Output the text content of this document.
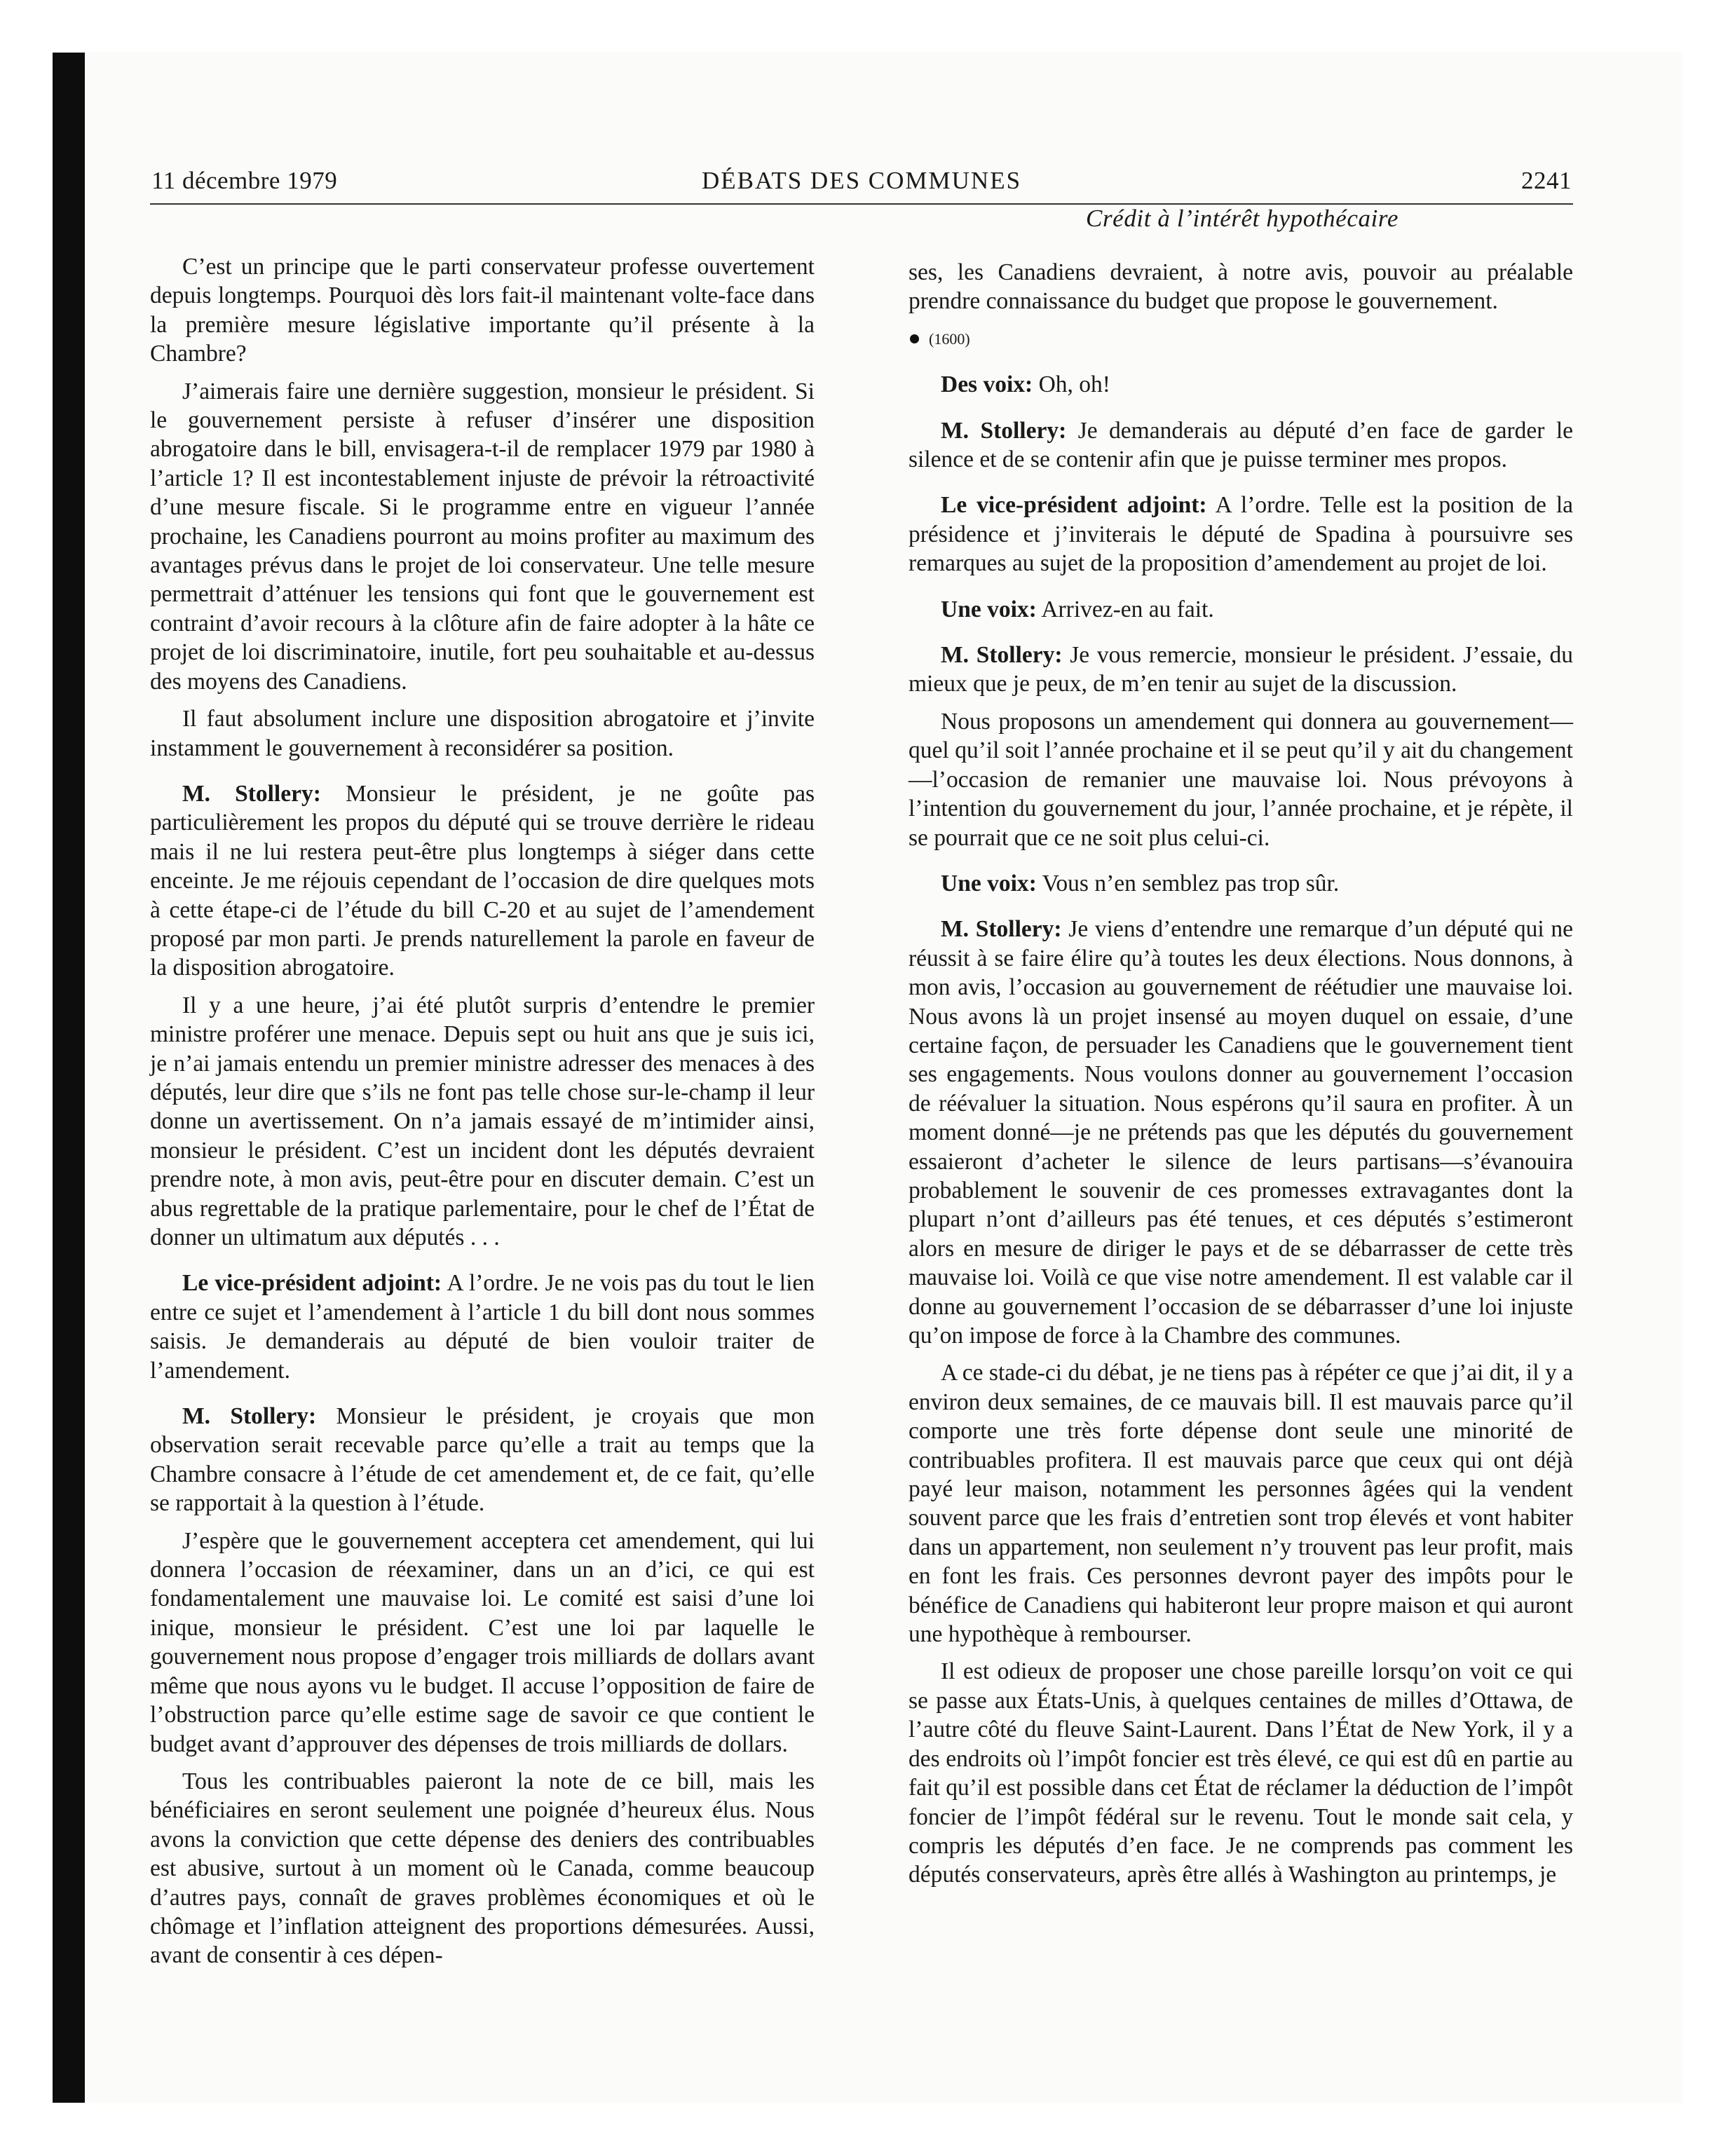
11 décembre 1979	DÉBATS DES COMMUNES	2241
Crédit à l’intérêt hypothécaire

C’est un principe que le parti conservateur professe ouvertement depuis longtemps. Pourquoi dès lors fait-il maintenant volte-face dans la première mesure législative importante qu’il présente à la Chambre?

J’aimerais faire une dernière suggestion, monsieur le président. Si le gouvernement persiste à refuser d’insérer une disposition abrogatoire dans le bill, envisagera-t-il de remplacer 1979 par 1980 à l’article 1? Il est incontestablement injuste de prévoir la rétroactivité d’une mesure fiscale. Si le programme entre en vigueur l’année prochaine, les Canadiens pourront au moins profiter au maximum des avantages prévus dans le projet de loi conservateur. Une telle mesure permettrait d’atténuer les tensions qui font que le gouvernement est contraint d’avoir recours à la clôture afin de faire adopter à la hâte ce projet de loi discriminatoire, inutile, fort peu souhaitable et au-dessus des moyens des Canadiens.

Il faut absolument inclure une disposition abrogatoire et j’invite instamment le gouvernement à reconsidérer sa position.

M. Stollery: Monsieur le président, je ne goûte pas particulièrement les propos du député qui se trouve derrière le rideau mais il ne lui restera peut-être plus longtemps à siéger dans cette enceinte. Je me réjouis cependant de l’occasion de dire quelques mots à cette étape-ci de l’étude du bill C-20 et au sujet de l’amendement proposé par mon parti. Je prends naturellement la parole en faveur de la disposition abrogatoire.

Il y a une heure, j’ai été plutôt surpris d’entendre le premier ministre proférer une menace. Depuis sept ou huit ans que je suis ici, je n’ai jamais entendu un premier ministre adresser des menaces à des députés, leur dire que s’ils ne font pas telle chose sur-le-champ il leur donne un avertissement. On n’a jamais essayé de m’intimider ainsi, monsieur le président. C’est un incident dont les députés devraient prendre note, à mon avis, peut-être pour en discuter demain. C’est un abus regrettable de la pratique parlementaire, pour le chef de l’État de donner un ultimatum aux députés . . .

Le vice-président adjoint: A l’ordre. Je ne vois pas du tout le lien entre ce sujet et l’amendement à l’article 1 du bill dont nous sommes saisis. Je demanderais au député de bien vouloir traiter de l’amendement.

M. Stollery: Monsieur le président, je croyais que mon observation serait recevable parce qu’elle a trait au temps que la Chambre consacre à l’étude de cet amendement et, de ce fait, qu’elle se rapportait à la question à l’étude.

J’espère que le gouvernement acceptera cet amendement, qui lui donnera l’occasion de réexaminer, dans un an d’ici, ce qui est fondamentalement une mauvaise loi. Le comité est saisi d’une loi inique, monsieur le président. C’est une loi par laquelle le gouvernement nous propose d’engager trois milliards de dollars avant même que nous ayons vu le budget. Il accuse l’opposition de faire de l’obstruction parce qu’elle estime sage de savoir ce que contient le budget avant d’approuver des dépenses de trois milliards de dollars.

Tous les contribuables paieront la note de ce bill, mais les bénéficiaires en seront seulement une poignée d’heureux élus. Nous avons la conviction que cette dépense des deniers des contribuables est abusive, surtout à un moment où le Canada, comme beaucoup d’autres pays, connaît de graves problèmes économiques et où le chômage et l’inflation atteignent des proportions démesurées. Aussi, avant de consentir à ces dépen-

ses, les Canadiens devraient, à notre avis, pouvoir au préalable prendre connaissance du budget que propose le gouvernement.

(1600)

Des voix: Oh, oh!

M. Stollery: Je demanderais au député d’en face de garder le silence et de se contenir afin que je puisse terminer mes propos.

Le vice-président adjoint: A l’ordre. Telle est la position de la présidence et j’inviterais le député de Spadina à poursuivre ses remarques au sujet de la proposition d’amendement au projet de loi.

Une voix: Arrivez-en au fait.

M. Stollery: Je vous remercie, monsieur le président. J’essaie, du mieux que je peux, de m’en tenir au sujet de la discussion.

Nous proposons un amendement qui donnera au gouvernement—quel qu’il soit l’année prochaine et il se peut qu’il y ait du changement—l’occasion de remanier une mauvaise loi. Nous prévoyons à l’intention du gouvernement du jour, l’année prochaine, et je répète, il se pourrait que ce ne soit plus celui-ci.

Une voix: Vous n’en semblez pas trop sûr.

M. Stollery: Je viens d’entendre une remarque d’un député qui ne réussit à se faire élire qu’à toutes les deux élections. Nous donnons, à mon avis, l’occasion au gouvernement de réétudier une mauvaise loi. Nous avons là un projet insensé au moyen duquel on essaie, d’une certaine façon, de persuader les Canadiens que le gouvernement tient ses engagements. Nous voulons donner au gouvernement l’occasion de réévaluer la situation. Nous espérons qu’il saura en profiter. À un moment donné—je ne prétends pas que les députés du gouvernement essaieront d’acheter le silence de leurs partisans—s’évanouira probablement le souvenir de ces promesses extravagantes dont la plupart n’ont d’ailleurs pas été tenues, et ces députés s’estimeront alors en mesure de diriger le pays et de se débarrasser de cette très mauvaise loi. Voilà ce que vise notre amendement. Il est valable car il donne au gouvernement l’occasion de se débarrasser d’une loi injuste qu’on impose de force à la Chambre des communes.

A ce stade-ci du débat, je ne tiens pas à répéter ce que j’ai dit, il y a environ deux semaines, de ce mauvais bill. Il est mauvais parce qu’il comporte une très forte dépense dont seule une minorité de contribuables profitera. Il est mauvais parce que ceux qui ont déjà payé leur maison, notamment les personnes âgées qui la vendent souvent parce que les frais d’entretien sont trop élevés et vont habiter dans un appartement, non seulement n’y trouvent pas leur profit, mais en font les frais. Ces personnes devront payer des impôts pour le bénéfice de Canadiens qui habiteront leur propre maison et qui auront une hypothèque à rembourser.

Il est odieux de proposer une chose pareille lorsqu’on voit ce qui se passe aux États-Unis, à quelques centaines de milles d’Ottawa, de l’autre côté du fleuve Saint-Laurent. Dans l’État de New York, il y a des endroits où l’impôt foncier est très élevé, ce qui est dû en partie au fait qu’il est possible dans cet État de réclamer la déduction de l’impôt foncier de l’impôt fédéral sur le revenu. Tout le monde sait cela, y compris les députés d’en face. Je ne comprends pas comment les députés conservateurs, après être allés à Washington au printemps, je
